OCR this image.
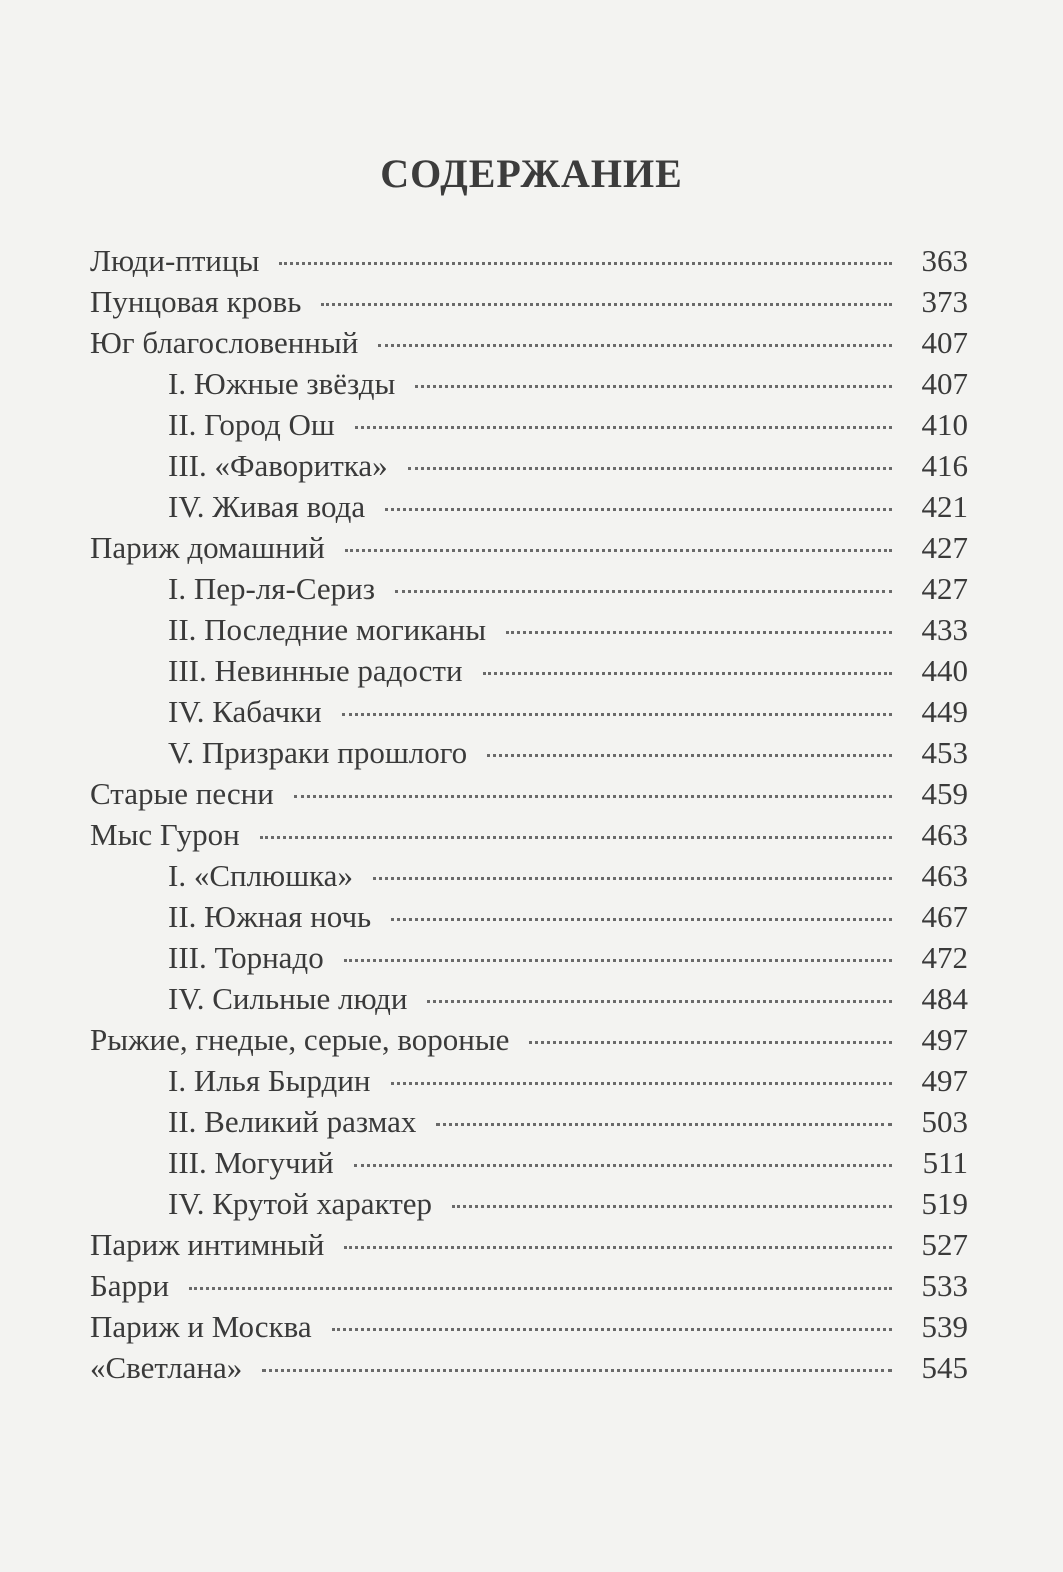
СОДЕРЖАНИЕ
Люди-птицы	363
Пунцовая кровь	373
Юг благословенный	407
I. Южные звёзды	407
II. Город Ош	410
III. «Фаворитка»	416
IV. Живая вода	421
Париж домашний	427
I. Пер-ля-Сериз	427
II. Последние могиканы	433
III. Невинные радости	440
IV. Кабачки	449
V. Призраки прошлого	453
Старые песни	459
Мыс Гурон	463
I. «Сплюшка»	463
II. Южная ночь	467
III. Торнадо	472
IV. Сильные люди	484
Рыжие, гнедые, серые, вороные	497
I. Илья Бырдин	497
II. Великий размах	503
III. Могучий	511
IV. Крутой характер	519
Париж интимный	527
Барри	533
Париж и Москва	539
«Светлана»	545
